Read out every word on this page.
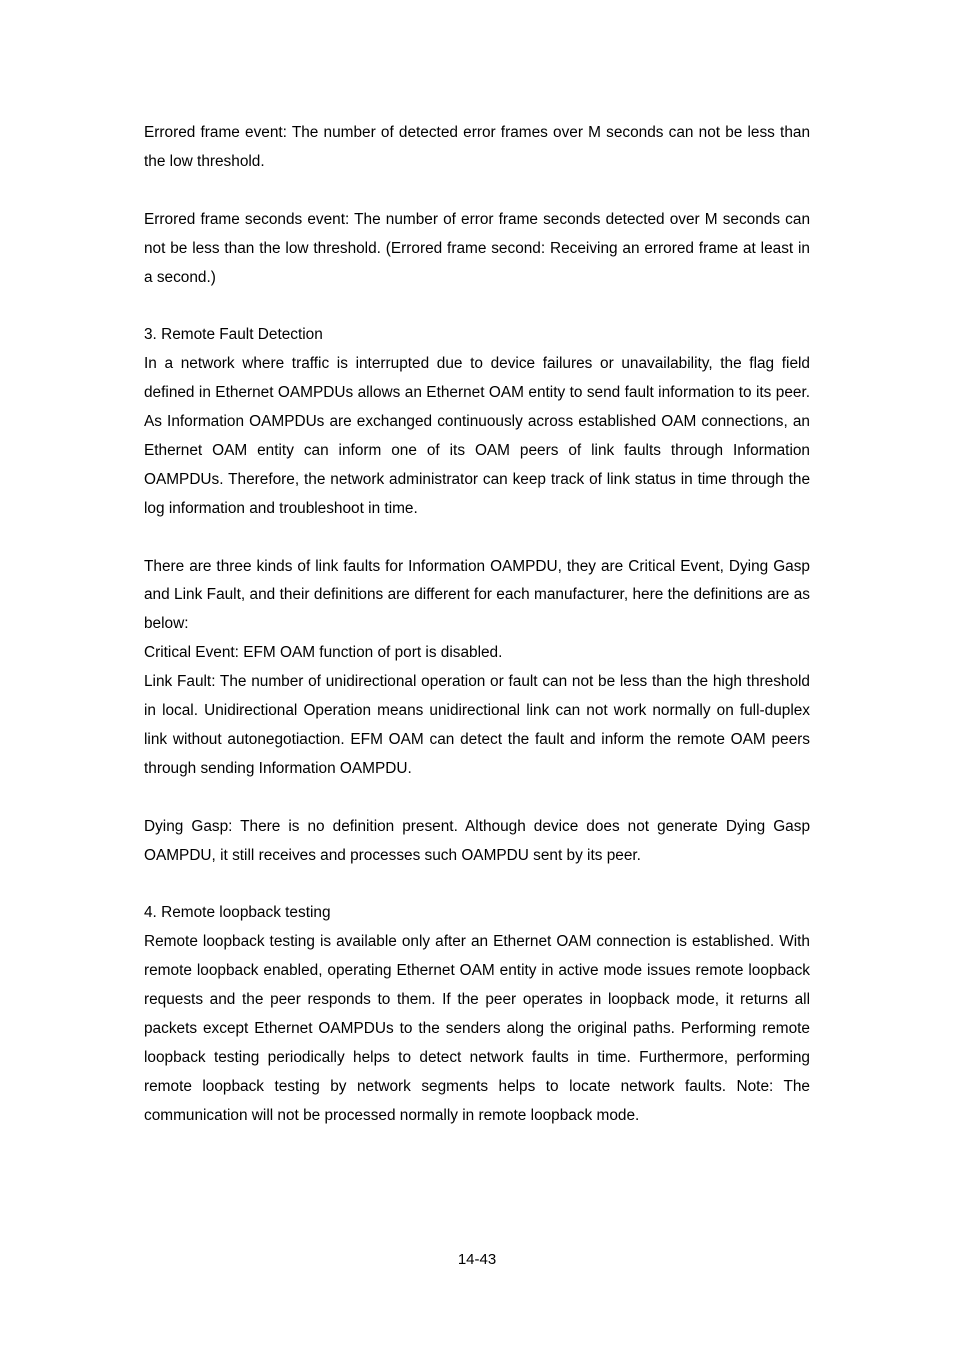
Errored frame event: The number of detected error frames over M seconds can not be less than the low threshold.

Errored frame seconds event: The number of error frame seconds detected over M seconds can not be less than the low threshold. (Errored frame second: Receiving an errored frame at least in a second.)

3. Remote Fault Detection

In a network where traffic is interrupted due to device failures or unavailability, the flag field defined in Ethernet OAMPDUs allows an Ethernet OAM entity to send fault information to its peer. As Information OAMPDUs are exchanged continuously across established OAM connections, an Ethernet OAM entity can inform one of its OAM peers of link faults through Information OAMPDUs. Therefore, the network administrator can keep track of link status in time through the log information and troubleshoot in time.

There are three kinds of link faults for Information OAMPDU, they are Critical Event, Dying Gasp and Link Fault, and their definitions are different for each manufacturer, here the definitions are as below:

Critical Event: EFM OAM function of port is disabled.

Link Fault: The number of unidirectional operation or fault can not be less than the high threshold in local. Unidirectional Operation means unidirectional link can not work normally on full-duplex link without autonegotiaction. EFM OAM can detect the fault and inform the remote OAM peers through sending Information OAMPDU.

Dying Gasp: There is no definition present. Although device does not generate Dying Gasp OAMPDU, it still receives and processes such OAMPDU sent by its peer.

4. Remote loopback testing

Remote loopback testing is available only after an Ethernet OAM connection is established. With remote loopback enabled, operating Ethernet OAM entity in active mode issues remote loopback requests and the peer responds to them. If the peer operates in loopback mode, it returns all packets except Ethernet OAMPDUs to the senders along the original paths. Performing remote loopback testing periodically helps to detect network faults in time. Furthermore, performing remote loopback testing by network segments helps to locate network faults. Note: The communication will not be processed normally in remote loopback mode.

14-43
